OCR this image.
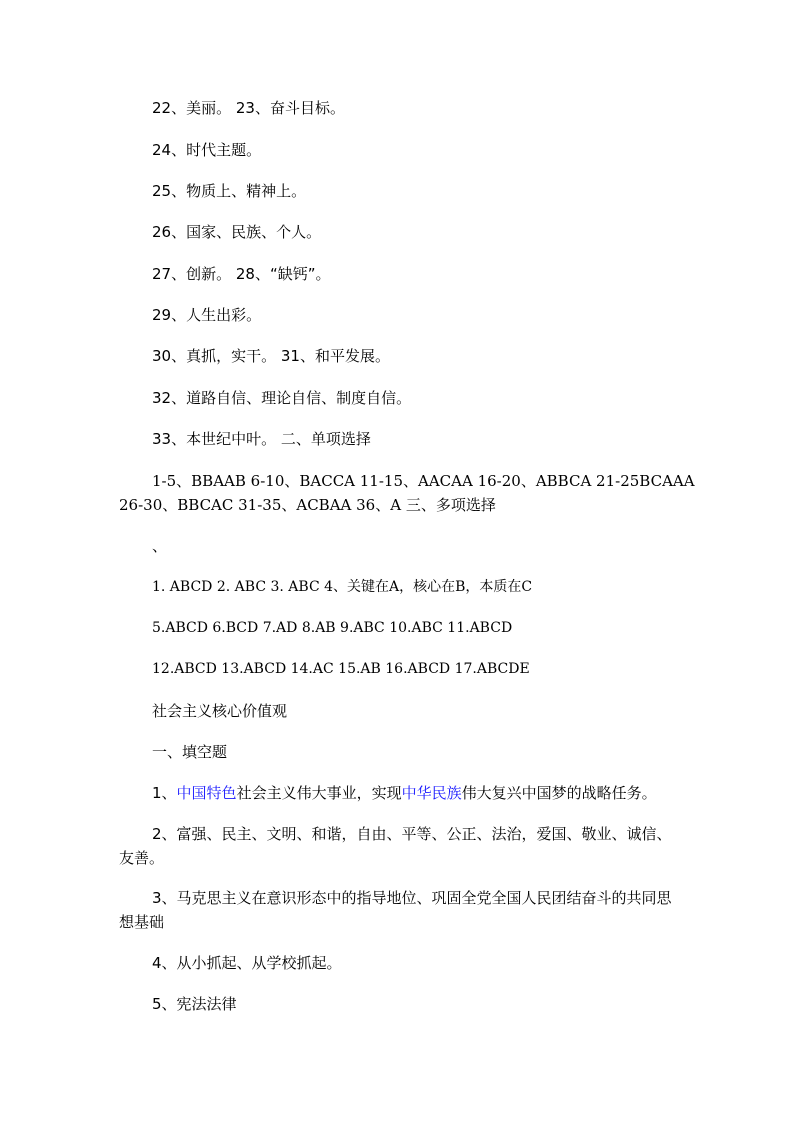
22、美丽。 23、奋斗目标。
24、时代主题。
25、物质上、精神上。
26、国家、民族、个人。
27、创新。 28、“缺钙”。
29、人生出彩。
30、真抓，实干。 31、和平发展。
32、道路自信、理论自信、制度自信。
33、本世纪中叶。 二、单项选择
1-5、BBAAB 6-10、BACCA 11-15、AACAA 16-20、ABBCA 21-25BCAAA 26-30、BBCAC 31-35、ACBAA 36、A 三、多项选择
、
1. ABCD 2. ABC 3. ABC 4、关键在A，核心在B，本质在C
5.ABCD 6.BCD 7.AD 8.AB 9.ABC 10.ABC 11.ABCD
12.ABCD 13.ABCD 14.AC 15.AB 16.ABCD 17.ABCDE
社会主义核心价值观
一、填空题
1、中国特色社会主义伟大事业，实现中华民族伟大复兴中国梦的战略任务。
2、富强、民主、文明、和谐，自由、平等、公正、法治，爱国、敬业、诚信、友善。
3、马克思主义在意识形态中的指导地位、巩固全党全国人民团结奋斗的共同思想基础
4、从小抓起、从学校抓起。
5、宪法法律
